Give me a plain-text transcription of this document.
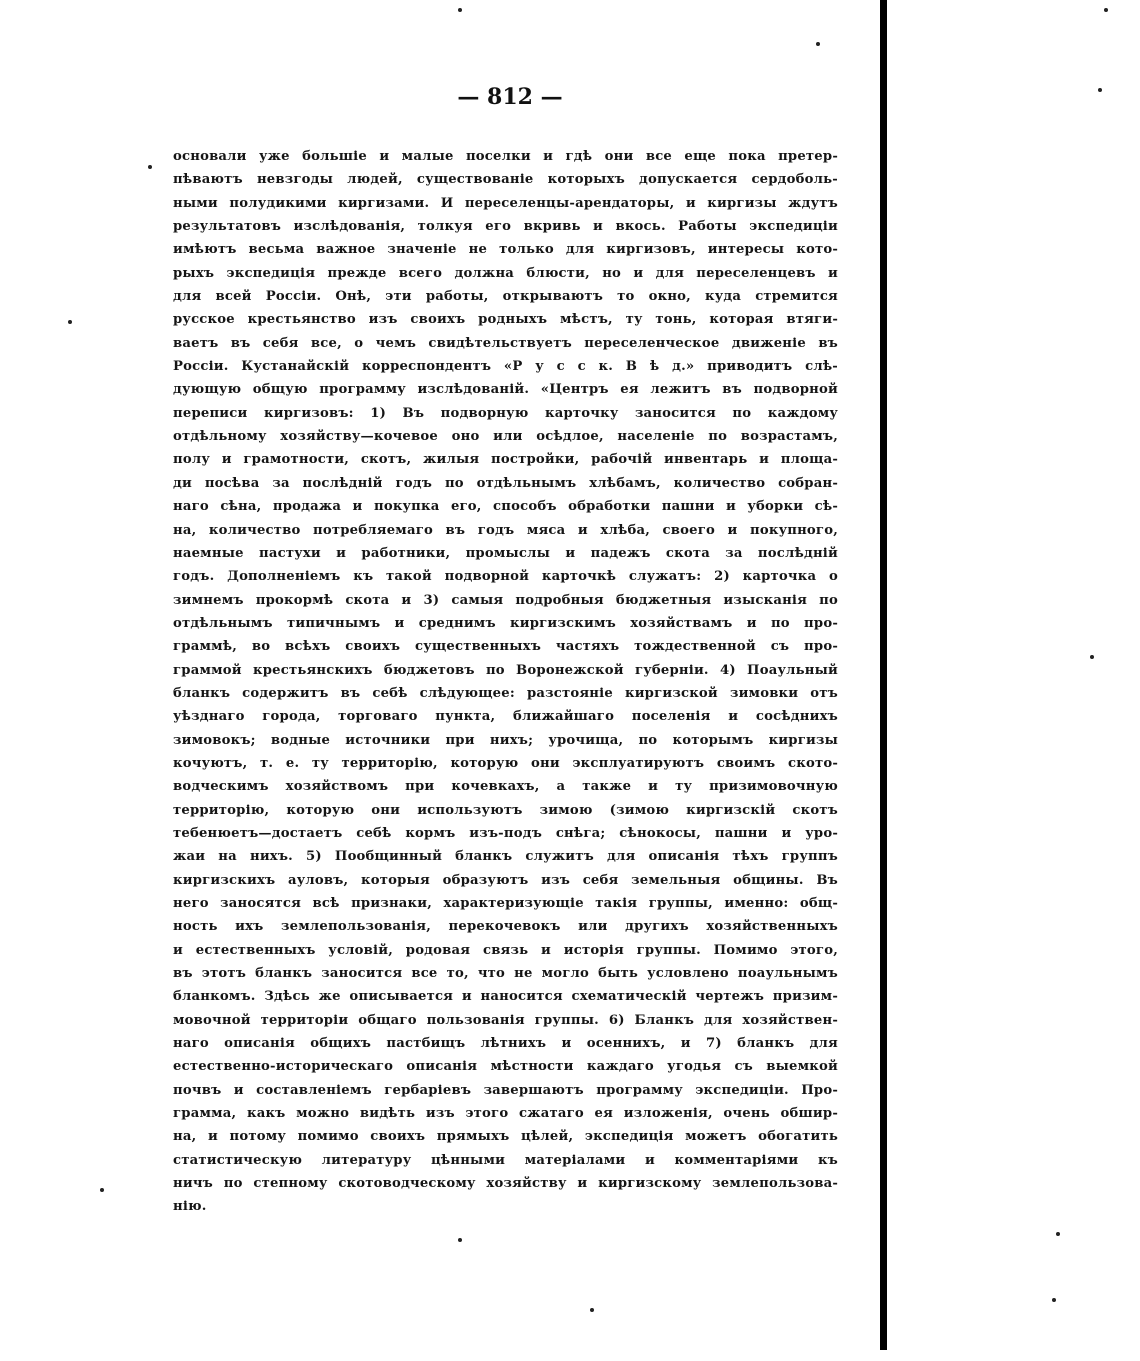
— 812 —
основали уже большіе и малые поселки и гдѣ они все еще пока претер-
пѣваютъ невзгоды людей, существованіе которыхъ допускается сердоболь-
ными полудикими киргизами. И переселенцы-арендаторы, и киргизы ждутъ
результатовъ изслѣдованія, толкуя его вкривь и вкось. Работы экспедиціи
имѣютъ весьма важное значеніе не только для киргизовъ, интересы кото-
рыхъ экспедиція прежде всего должна блюсти, но и для переселенцевъ и
для всей Россіи. Онѣ, эти работы, открываютъ то окно, куда стремится
русское крестьянство изъ своихъ родныхъ мѣстъ, ту тонь, которая втяги-
ваетъ въ себя все, о чемъ свидѣтельствуетъ переселенческое движеніе въ
Россіи. Кустанайскій корреспондентъ «Р у с с к. В ѣ д.» приводитъ слѣ-
дующую общую программу изслѣдованій. «Центръ ея лежитъ въ подворной
переписи киргизовъ: 1) Въ подворную карточку заносится по каждому
отдѣльному хозяйству—кочевое оно или осѣдлое, населеніе по возрастамъ,
полу и грамотности, скотъ, жилыя постройки, рабочій инвентарь и площа-
ди посѣва за послѣдній годъ по отдѣльнымъ хлѣбамъ, количество собран-
наго сѣна, продажа и покупка его, способъ обработки пашни и уборки сѣ-
на, количество потребляемаго въ годъ мяса и хлѣба, своего и покупного,
наемные пастухи и работники, промыслы и падежъ скота за послѣдній
годъ. Дополненіемъ къ такой подворной карточкѣ служатъ: 2) карточка о
зимнемъ прокормѣ скота и 3) самыя подробныя бюджетныя изысканія по
отдѣльнымъ типичнымъ и среднимъ киргизскимъ хозяйствамъ и по про-
граммѣ, во всѣхъ своихъ существенныхъ частяхъ тождественной съ про-
граммой крестьянскихъ бюджетовъ по Воронежской губерніи. 4) Поаульный
бланкъ содержитъ въ себѣ слѣдующее: разстояніе киргизской зимовки отъ
уѣзднаго города, торговаго пункта, ближайшаго поселенія и сосѣднихъ
зимовокъ; водные источники при нихъ; урочища, по которымъ киргизы
кочуютъ, т. е. ту территорію, которую они эксплуатируютъ своимъ ското-
водческимъ хозяйствомъ при кочевкахъ, а также и ту призимовочную
территорію, которую они используютъ зимою (зимою киргизскій скотъ
тебенюетъ—достаетъ себѣ кормъ изъ-подъ снѣга; сѣнокосы, пашни и уро-
жаи на нихъ. 5) Пообщинный бланкъ служитъ для описанія тѣхъ группъ
киргизскихъ ауловъ, которыя образуютъ изъ себя земельныя общины. Въ
него заносятся всѣ признаки, характеризующіе такія группы, именно: общ-
ность ихъ землепользованія, перекочевокъ или другихъ хозяйственныхъ
и естественныхъ условій, родовая связь и исторія группы. Помимо этого,
въ этотъ бланкъ заносится все то, что не могло быть условлено поаульнымъ
бланкомъ. Здѣсь же описывается и наносится схематическій чертежъ призим-
мовочной территоріи общаго пользованія группы. 6) Бланкъ для хозяйствен-
наго описанія общихъ пастбищъ лѣтнихъ и осеннихъ, и 7) бланкъ для
естественно-историческаго описанія мѣстности каждаго угодья съ выемкой
почвъ и составленіемъ гербаріевъ завершаютъ программу экспедиціи. Про-
грамма, какъ можно видѣть изъ этого сжатаго ея изложенія, очень обшир-
на, и потому помимо своихъ прямыхъ цѣлей, экспедиція можетъ обогатить
статистическую литературу цѣнными матеріалами и комментаріями къ
ничъ по степному скотоводческому хозяйству и киргизскому землепользова-
нію.
